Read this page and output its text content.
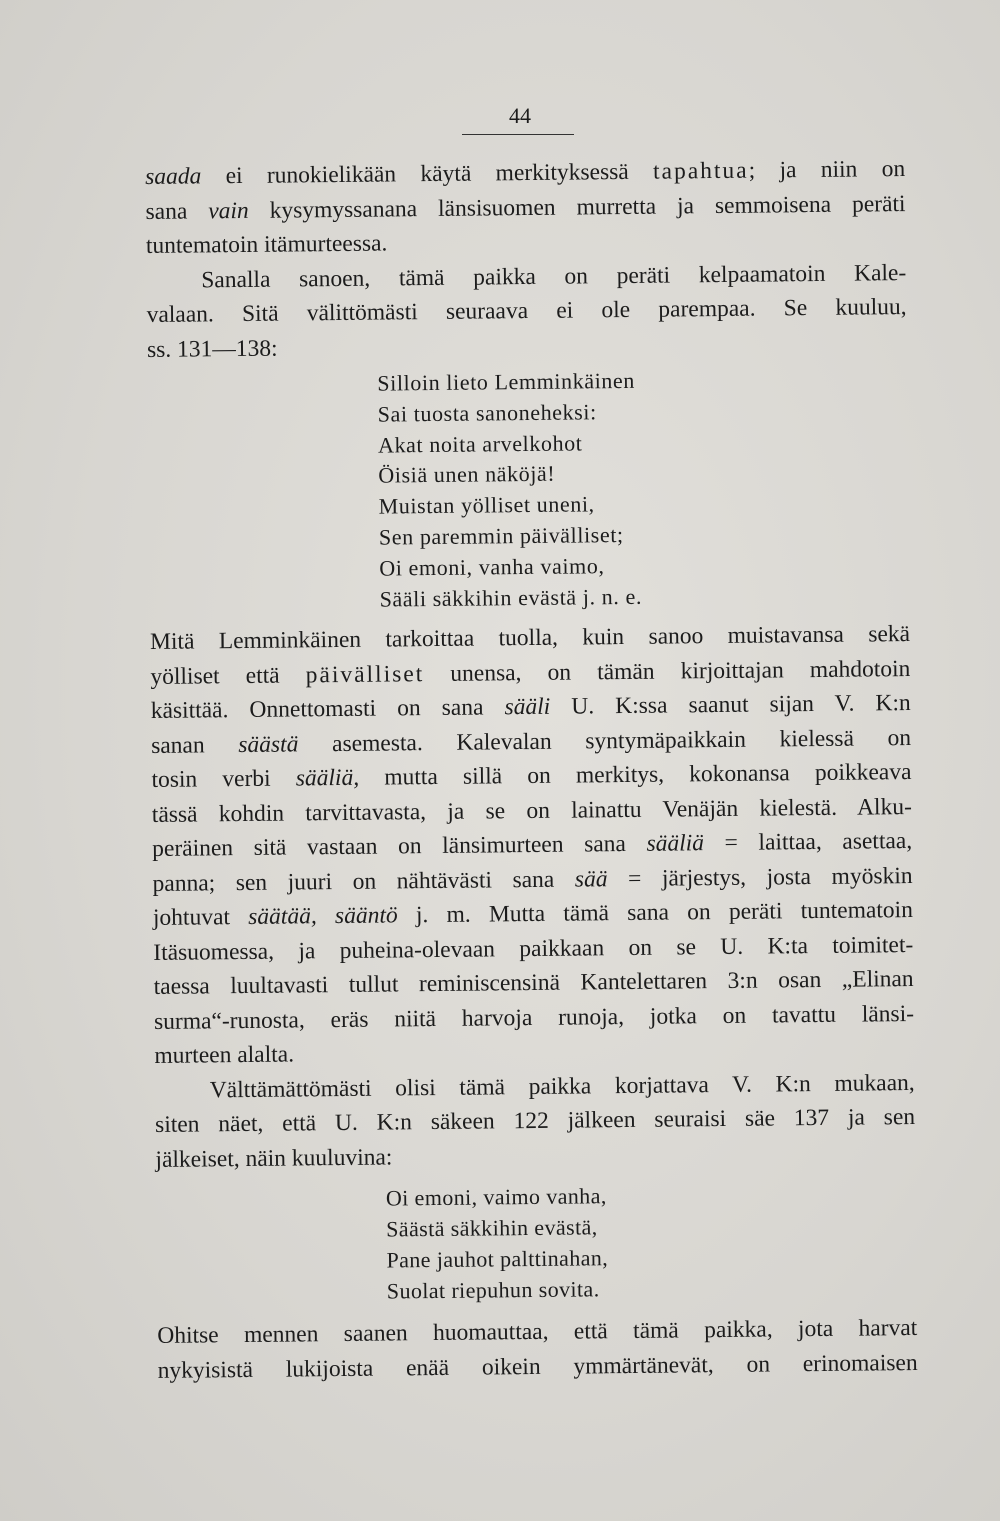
44

saada ei runokielikään käytä merkityksessä tapahtua; ja niin on
sana vain kysymyssanana länsisuomen murretta ja semmoisena peräti

tuntematoin itämurteessa.

Sanalla sanoen, tämä paikka on peräti kelpaamatoin Kale-

valaan. Sitä välittömästi seuraava ei ole parempaa. Se kuuluu,

ss. 131—138:

Silloin lieto Lemminkäinen
Sai tuosta sanoneheksi:
Akat noita arvelkohot
Öisiä unen näköjä!
Muistan yölliset uneni,
Sen paremmin päivälliset;
Oi emoni, vanha vaimo,
Sääli säkkihin evästä j. n. e.

Mitä Lemminkäinen tarkoittaa tuolla, kuin sanoo muistavansa sekä

yölliset että päivälliset unensa, on tämän kirjoittajan mahdotoin

käsittää. Onnettomasti on sana sääli U. K:ssa saanut sijan V. K:n

sanan säästä asemesta. Kalevalan syntymäpaikkain kielessä on

tosin verbi sääliä, mutta sillä on merkitys, kokonansa poikkeava

tässä kohdin tarvittavasta, ja se on lainattu Venäjän kielestä. Alku-

peräinen sitä vastaan on länsimurteen sana sääliä = laittaa, asettaa,

panna; sen juuri on nähtävästi sana sää = järjestys, josta myöskin

johtuvat säätää, sääntö j. m. Mutta tämä sana on peräti tuntematoin

Itäsuomessa, ja puheina-olevaan paikkaan on se U. K:ta toimitet-

taessa luultavasti tullut reminiscensinä Kantelettaren 3:n osan „Elinan

surma“-runosta, eräs niitä harvoja runoja, jotka on tavattu länsi-

murteen alalta.

Välttämättömästi olisi tämä paikka korjattava V. K:n mukaan,

siten näet, että U. K:n säkeen 122 jälkeen seuraisi säe 137 ja sen

jälkeiset, näin kuuluvina:

Oi emoni, vaimo vanha,
Säästä säkkihin evästä,
Pane jauhot palttinahan,
Suolat riepuhun sovita.

Ohitse mennen saanen huomauttaa, että tämä paikka, jota harvat

nykyisistä lukijoista enää oikein ymmärtänevät, on erinomaisen
